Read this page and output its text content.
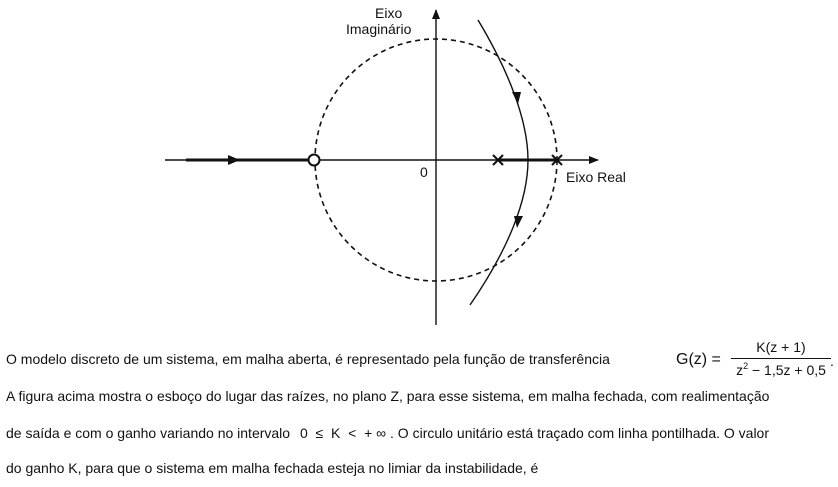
Eixo
Imaginário
0	Eixo Real
O modelo discreto de um sistema, em malha aberta, é representado pela função de transferência	G(z) =
K(z + 1)
$z^2 - 1,5z + 0,5$
.
A figura acima mostra o esboço do lugar das raízes, no plano Z, para esse sistema, em malha fechada, com realimentação
de saída e com o ganho variando no intervalo 0  ≤  K  <  + ∞ . O circulo unitário está traçado com linha pontilhada. O valor
do ganho K, para que o sistema em malha fechada esteja no limiar da instabilidade, é
